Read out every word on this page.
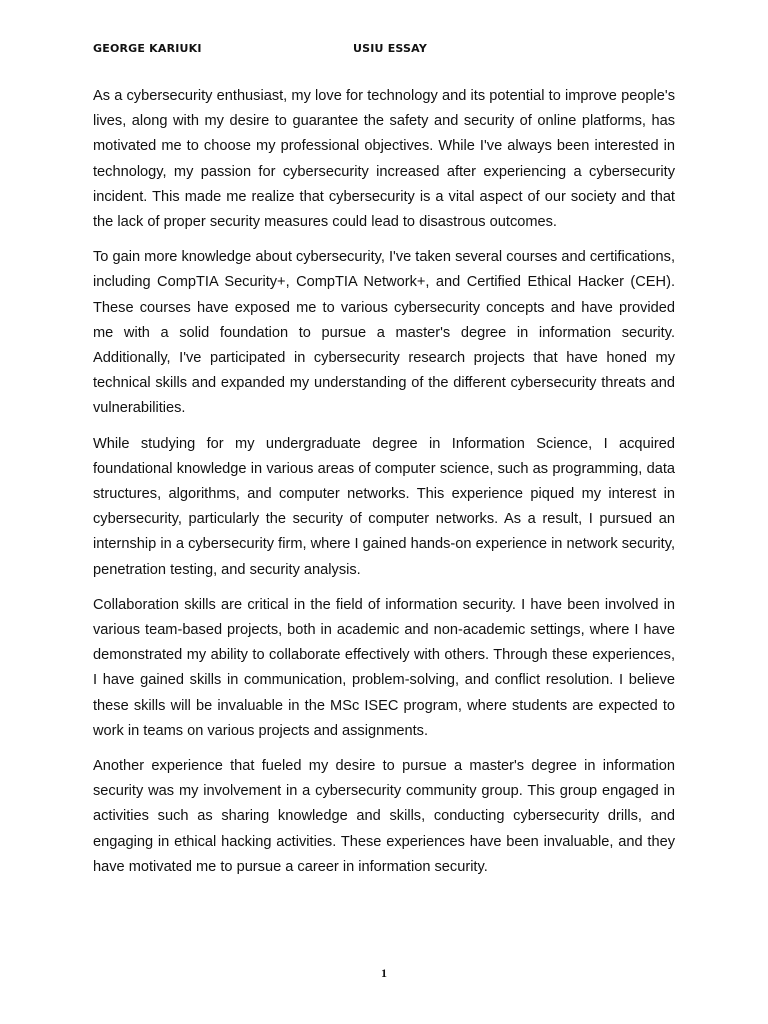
GEORGE KARIUKI	USIU ESSAY

As a cybersecurity enthusiast, my love for technology and its potential to improve people's lives, along with my desire to guarantee the safety and security of online platforms, has motivated me to choose my professional objectives. While I've always been interested in technology, my passion for cybersecurity increased after experiencing a cybersecurity incident. This made me realize that cybersecurity is a vital aspect of our society and that the lack of proper security measures could lead to disastrous outcomes.

To gain more knowledge about cybersecurity, I've taken several courses and certifications, including CompTIA Security+, CompTIA Network+, and Certified Ethical Hacker (CEH). These courses have exposed me to various cybersecurity concepts and have provided me with a solid foundation to pursue a master's degree in information security. Additionally, I've participated in cybersecurity research projects that have honed my technical skills and expanded my understanding of the different cybersecurity threats and vulnerabilities.

While studying for my undergraduate degree in Information Science, I acquired foundational knowledge in various areas of computer science, such as programming, data structures, algorithms, and computer networks. This experience piqued my interest in cybersecurity, particularly the security of computer networks. As a result, I pursued an internship in a cybersecurity firm, where I gained hands-on experience in network security, penetration testing, and security analysis.

Collaboration skills are critical in the field of information security. I have been involved in various team-based projects, both in academic and non-academic settings, where I have demonstrated my ability to collaborate effectively with others. Through these experiences, I have gained skills in communication, problem-solving, and conflict resolution. I believe these skills will be invaluable in the MSc ISEC program, where students are expected to work in teams on various projects and assignments.

Another experience that fueled my desire to pursue a master's degree in information security was my involvement in a cybersecurity community group. This group engaged in activities such as sharing knowledge and skills, conducting cybersecurity drills, and engaging in ethical hacking activities. These experiences have been invaluable, and they have motivated me to pursue a career in information security.

1
